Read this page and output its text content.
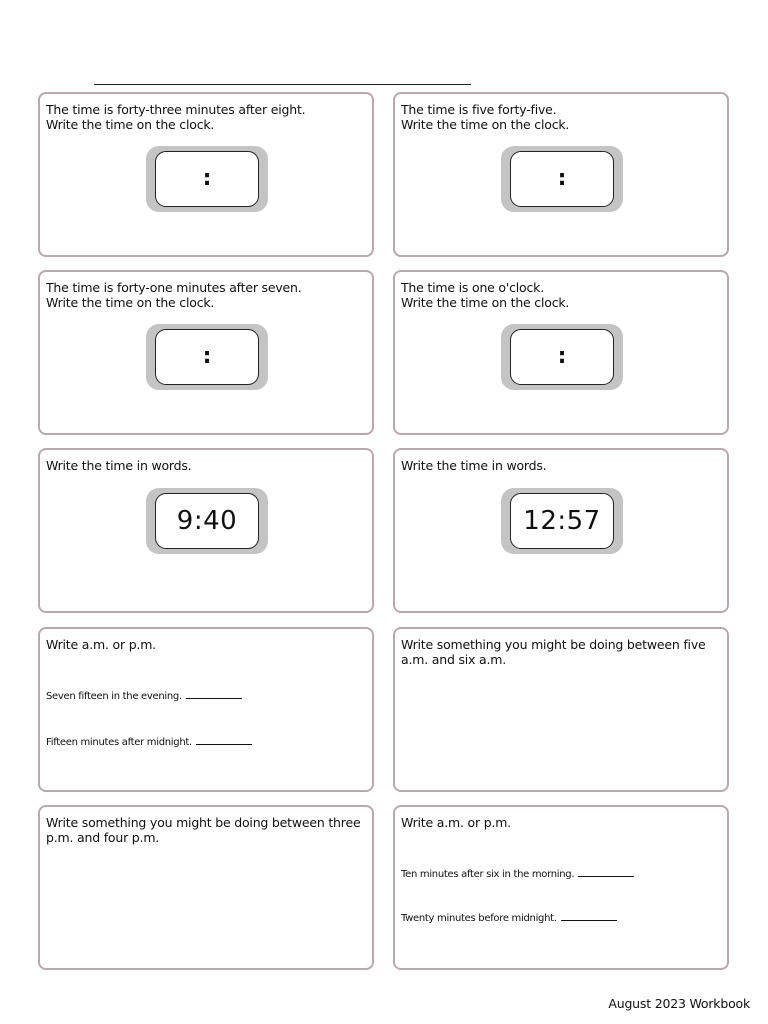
The time is forty-three minutes after eight.
Write the time on the clock.

:

The time is five forty-five.
Write the time on the clock.

:

The time is forty-one minutes after seven.
Write the time on the clock.

:

The time is one o'clock.
Write the time on the clock.

:

Write the time in words.

9:40

Write the time in words.

12:57

Write a.m. or p.m.

Seven fifteen in the evening.
Fifteen minutes after midnight.

Write something you might be doing between five a.m. and six a.m.

Write something you might be doing between three p.m. and four p.m.

Write a.m. or p.m.

Ten minutes after six in the morning.
Twenty minutes before midnight.
August 2023 Workbook
